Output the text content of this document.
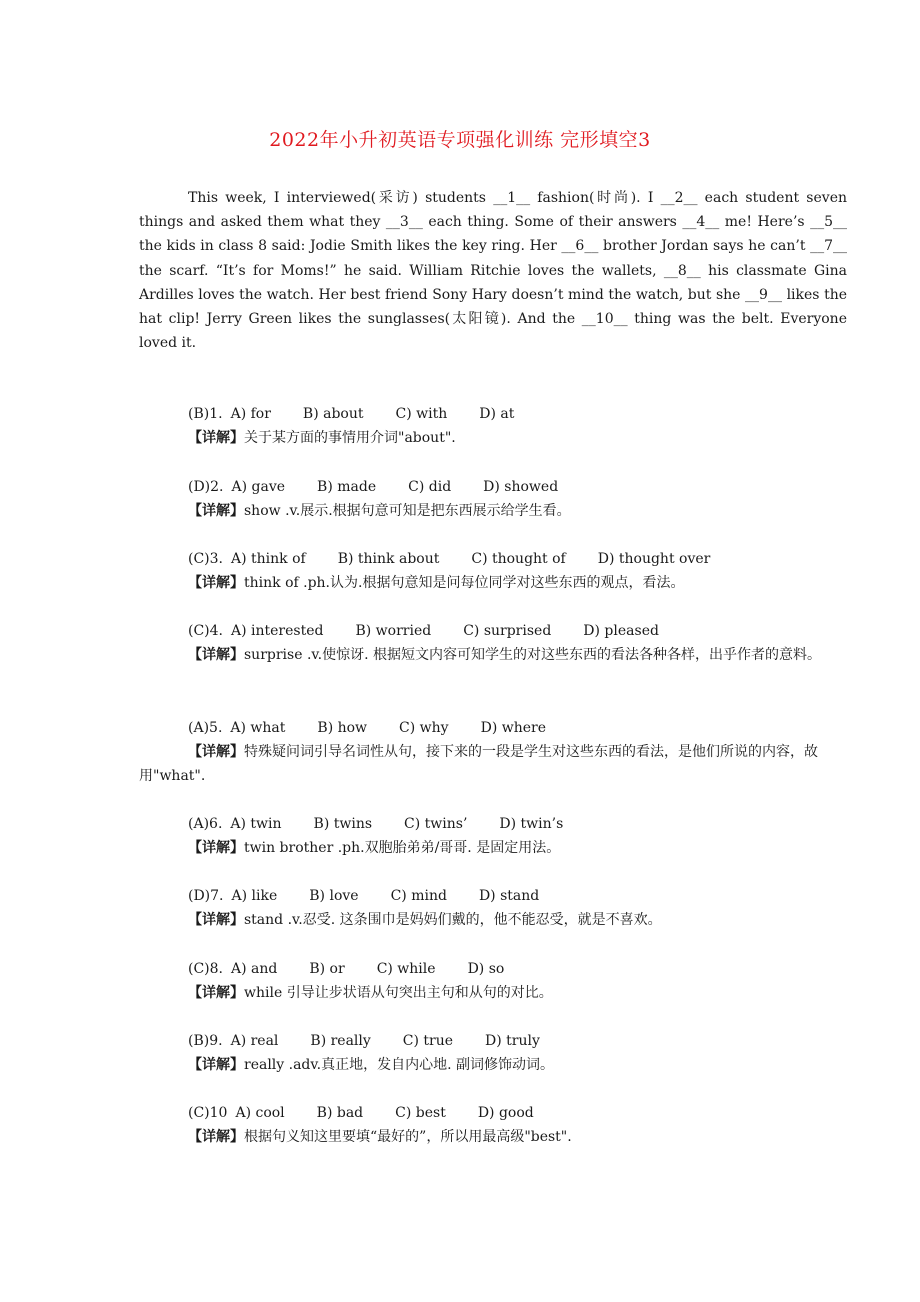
2022年小升初英语专项强化训练 完形填空3
This week, I interviewed(采访) students __1__ fashion(时尚). I __2__ each student seven things and asked them what they __3__ each thing. Some of their answers __4__ me! Here’s __5__ the kids in class 8 said: Jodie Smith likes the key ring. Her __6__ brother Jordan says he can’t __7__ the scarf. “It’s for Moms!” he said. William Ritchie loves the wallets, __8__ his classmate Gina Ardilles loves the watch. Her best friend Sony Hary doesn’t mind the watch, but she __9__ likes the hat clip! Jerry Green likes the sunglasses(太阳镜). And the __10__ thing was the belt. Everyone loved it.
(B)1. A) for B) about C) with D) at
【详解】关于某方面的事情用介词"about".
(D)2. A) gave B) made C) did D) showed
【详解】show .v.展示.根据句意可知是把东西展示给学生看。
(C)3. A) think of B) think about C) thought of D) thought over
【详解】think of .ph.认为.根据句意知是问每位同学对这些东西的观点，看法。
(C)4. A) interested B) worried C) surprised D) pleased
【详解】surprise .v.使惊讶. 根据短文内容可知学生的对这些东西的看法各种各样，出乎作者的意料。
(A)5. A) what B) how C) why D) where
【详解】特殊疑问词引导名词性从句，接下来的一段是学生对这些东西的看法，是他们所说的内容，故用"what".
(A)6. A) twin B) twins C) twins’ D) twin’s
【详解】twin brother .ph.双胞胎弟弟/哥哥. 是固定用法。
(D)7. A) like B) love C) mind D) stand
【详解】stand .v.忍受. 这条围巾是妈妈们戴的，他不能忍受，就是不喜欢。
(C)8. A) and B) or C) while D) so
【详解】while 引导让步状语从句突出主句和从句的对比。
(B)9. A) real B) really C) true D) truly
【详解】really .adv.真正地，发自内心地. 副词修饰动词。
(C)10 A) cool B) bad C) best D) good
【详解】根据句义知这里要填“最好的”，所以用最高级"best".
